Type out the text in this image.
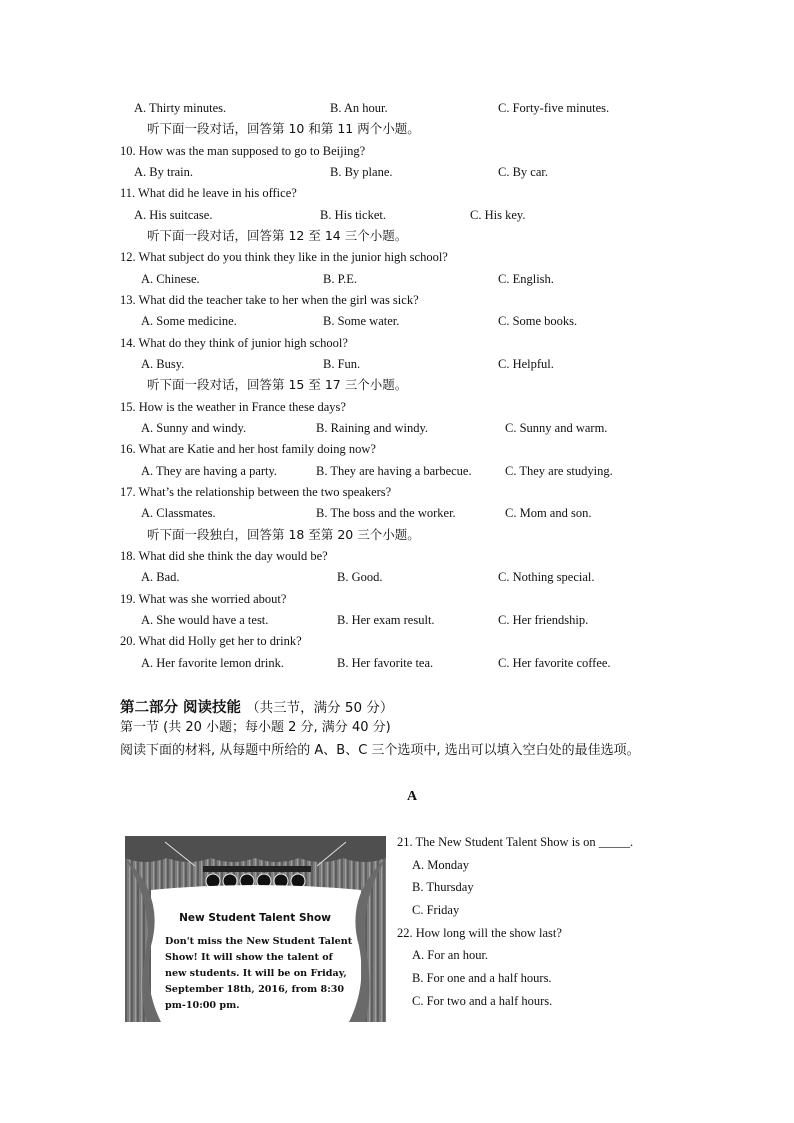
A. Thirty minutes.	B. An hour.	C. Forty-five minutes.
听下面一段对话，回答第 10 和第 11 两个小题。
10. How was the man supposed to go to Beijing?
A. By train.	B. By plane.	C. By car.
11. What did he leave in his office?
A. His suitcase.	B. His ticket.	C. His key.
听下面一段对话，回答第 12 至 14 三个小题。
12. What subject do you think they like in the junior high school?
A. Chinese.	B. P.E.	C. English.
13. What did the teacher take to her when the girl was sick?
A. Some medicine.	B. Some water.	C. Some books.
14. What do they think of junior high school?
A. Busy.	B. Fun.	C. Helpful.
听下面一段对话，回答第 15 至 17 三个小题。
15. How is the weather in France these days?
A. Sunny and windy.	B. Raining and windy.	C. Sunny and warm.
16. What are Katie and her host family doing now?
A. They are having a party.	B. They are having a barbecue.	C. They are studying.
17. What’s the relationship between the two speakers?
A. Classmates.	B. The boss and the worker.	C. Mom and son.
听下面一段独白，回答第 18 至第 20 三个小题。
18. What did she think the day would be?
A. Bad.	B. Good.	C. Nothing special.
19. What was she worried about?
A. She would have a test.	B. Her exam result.	C. Her friendship.
20. What did Holly get her to drink?
A. Her favorite lemon drink.	B. Her favorite tea.	C. Her favorite coffee.
第二部分 阅读技能 （共三节，满分 50 分）
第一节 (共 20 小题；每小题 2 分, 满分 40 分)
阅读下面的材料, 从每题中所给的 A、B、C 三个选项中, 选出可以填入空白处的最佳选项。
A
New Student Talent Show
Don't miss the New Student Talent Show! It will show the talent of new students. It will be on Friday, September 18th, 2016, from 8:30 pm-10:00 pm.
21. The New Student Talent Show is on _____.
A. Monday
B. Thursday
C. Friday
22. How long will the show last?
A. For an hour.
B. For one and a half hours.
C. For two and a half hours.
